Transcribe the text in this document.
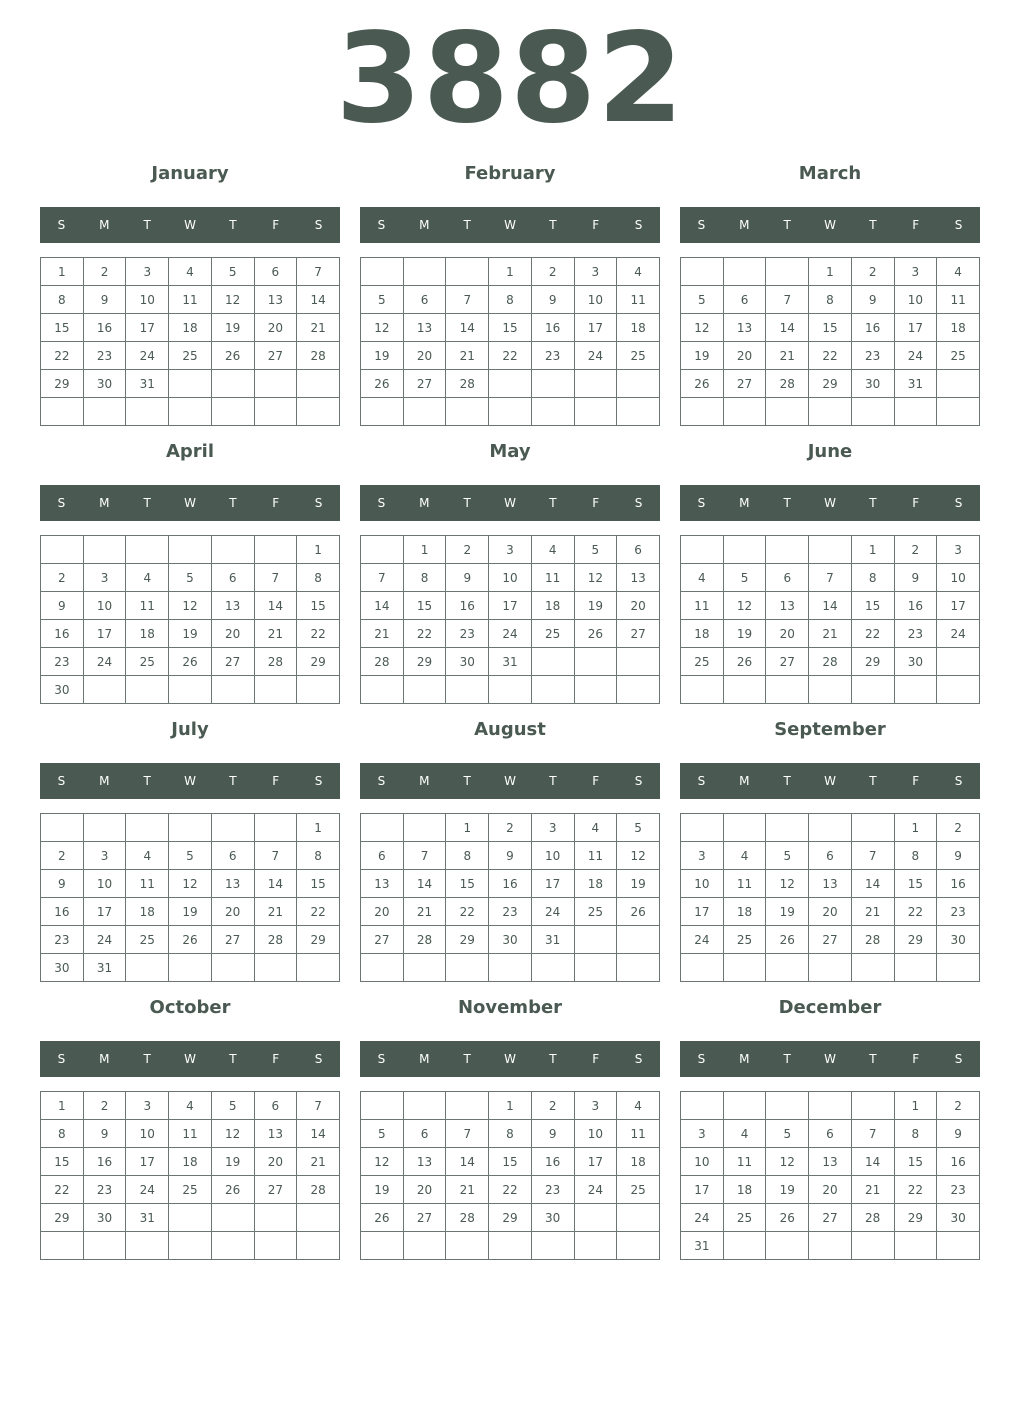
3882
January
S	M	T	W	T	F	S
1	2	3	4	5	6	7
8	9	10	11	12	13	14
15	16	17	18	19	20	21
22	23	24	25	26	27	28
29	30	31				

February
S	M	T	W	T	F	S
			1	2	3	4
5	6	7	8	9	10	11
12	13	14	15	16	17	18
19	20	21	22	23	24	25
26	27	28				

March
S	M	T	W	T	F	S
			1	2	3	4
5	6	7	8	9	10	11
12	13	14	15	16	17	18
19	20	21	22	23	24	25
26	27	28	29	30	31	

April
S	M	T	W	T	F	S
						1
2	3	4	5	6	7	8
9	10	11	12	13	14	15
16	17	18	19	20	21	22
23	24	25	26	27	28	29
30						
May
S	M	T	W	T	F	S
	1	2	3	4	5	6
7	8	9	10	11	12	13
14	15	16	17	18	19	20
21	22	23	24	25	26	27
28	29	30	31			

June
S	M	T	W	T	F	S
				1	2	3
4	5	6	7	8	9	10
11	12	13	14	15	16	17
18	19	20	21	22	23	24
25	26	27	28	29	30	

July
S	M	T	W	T	F	S
						1
2	3	4	5	6	7	8
9	10	11	12	13	14	15
16	17	18	19	20	21	22
23	24	25	26	27	28	29
30	31					
August
S	M	T	W	T	F	S
		1	2	3	4	5
6	7	8	9	10	11	12
13	14	15	16	17	18	19
20	21	22	23	24	25	26
27	28	29	30	31		

September
S	M	T	W	T	F	S
					1	2
3	4	5	6	7	8	9
10	11	12	13	14	15	16
17	18	19	20	21	22	23
24	25	26	27	28	29	30

October
S	M	T	W	T	F	S
1	2	3	4	5	6	7
8	9	10	11	12	13	14
15	16	17	18	19	20	21
22	23	24	25	26	27	28
29	30	31				

November
S	M	T	W	T	F	S
			1	2	3	4
5	6	7	8	9	10	11
12	13	14	15	16	17	18
19	20	21	22	23	24	25
26	27	28	29	30		

December
S	M	T	W	T	F	S
					1	2
3	4	5	6	7	8	9
10	11	12	13	14	15	16
17	18	19	20	21	22	23
24	25	26	27	28	29	30
31						
